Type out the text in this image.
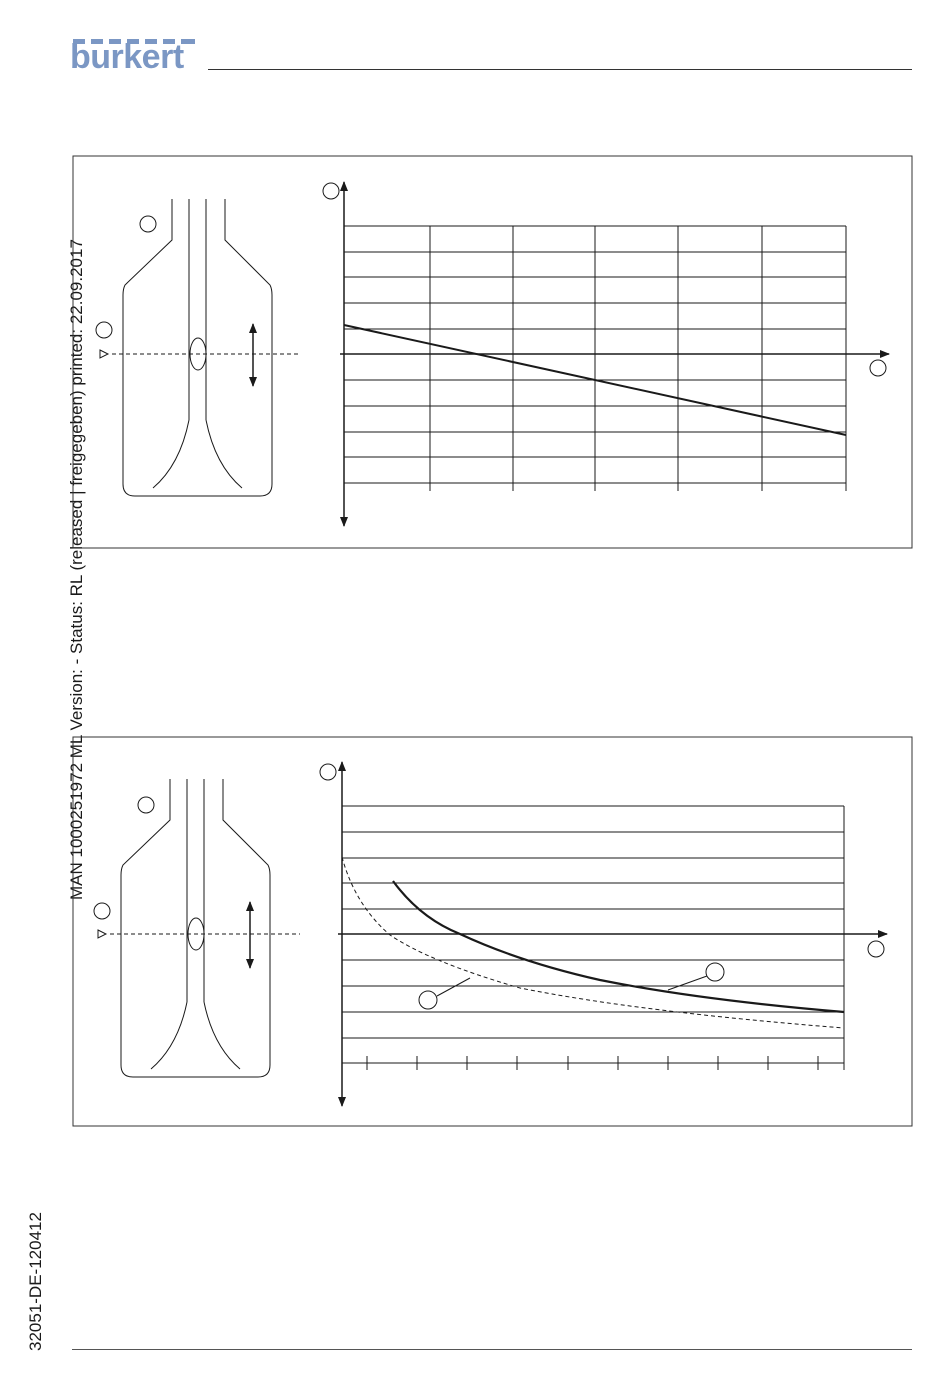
burkert
MAN 1000251972 ML Version: - Status: RL (released | freigegeben) printed: 22.09.2017
32051-DE-120412
